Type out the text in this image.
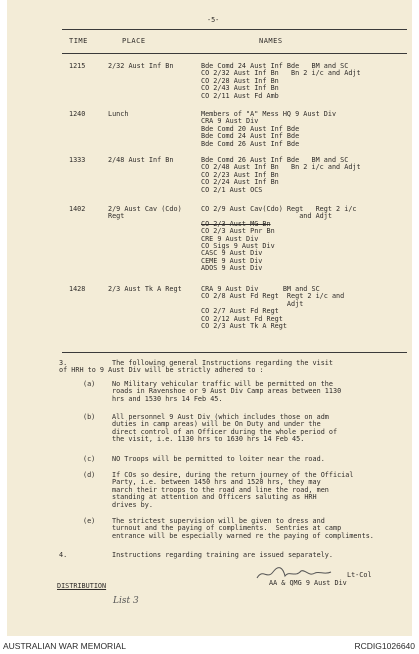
-5-
TIME	PLACE	NAMES
1215	2/32 Aust Inf Bn	Bde Comd 24 Aust Inf Bde   BM and SC
CO 2/32 Aust Inf Bn   Bn 2 i/c and Adjt
CO 2/28 Aust Inf Bn
CO 2/43 Aust Inf Bn
CO 2/11 Aust Fd Amb
1240	Lunch	Members of "A" Mess HQ 9 Aust Div
CRA 9 Aust Div
Bde Comd 20 Aust Inf Bde
Bde Comd 24 Aust Inf Bde
Bde Comd 26 Aust Inf Bde
1333	2/48 Aust Inf Bn	Bde Comd 26 Aust Inf Bde   BM and SC
CO 2/48 Aust Inf Bn   Bn 2 i/c and Adjt
CO 2/23 Aust Inf Bn
CO 2/24 Aust Inf Bn
CO 2/1 Aust OCS
1402	2/9 Aust Cav (Cdo)
Regt
CO 2/9 Aust Cav(Cdo) Regt   Regt 2 i/c
and Adjt
CO 2/3 Aust MG Bn
CO 2/3 Aust Pnr Bn
CRE 9 Aust Div
CO Sigs 9 Aust Div
CASC 9 Aust Div
CEME 9 Aust Div
ADOS 9 Aust Div
1428	2/3 Aust Tk A Regt	CRA 9 Aust Div      BM and SC
CO 2/8 Aust Fd Regt  Regt 2 i/c and
Adjt
CO 2/7 Aust Fd Regt
CO 2/12 Aust Fd Regt
CO 2/3 Aust Tk A Regt
3.	The following general Instructions regarding the visit
of HRH to 9 Aust Div will be strictly adhered to :
(a) No Military vehicular traffic will be permitted on the
roads in Ravenshoe or 9 Aust Div Camp areas between 1130
hrs and 1530 hrs 14 Feb 45.
(b) All personnel 9 Aust Div (which includes those on adm
duties in camp areas) will be On Duty and under the
direct control of an Officer during the whole period of
the visit, i.e. 1130 hrs to 1630 hrs 14 Feb 45.
(c) NO Troops will be permitted to loiter near the road.
(d) If COs so desire, during the return journey of the Official
Party, i.e. between 1450 hrs and 1520 hrs, they may
march their troops to the road and line the road, men
standing at attention and Officers saluting as HRH
drives by.
(e) The strictest supervision will be given to dress and
turnout and the paying of compliments.  Sentries at camp
entrance will be especially warned re the paying of compliments.
4.	Instructions regarding training are issued separately.
Lt-Col
AA & QMG 9 Aust Div
DISTRIBUTION
List 3
AUSTRALIAN WAR MEMORIAL	RCDIG1026640
